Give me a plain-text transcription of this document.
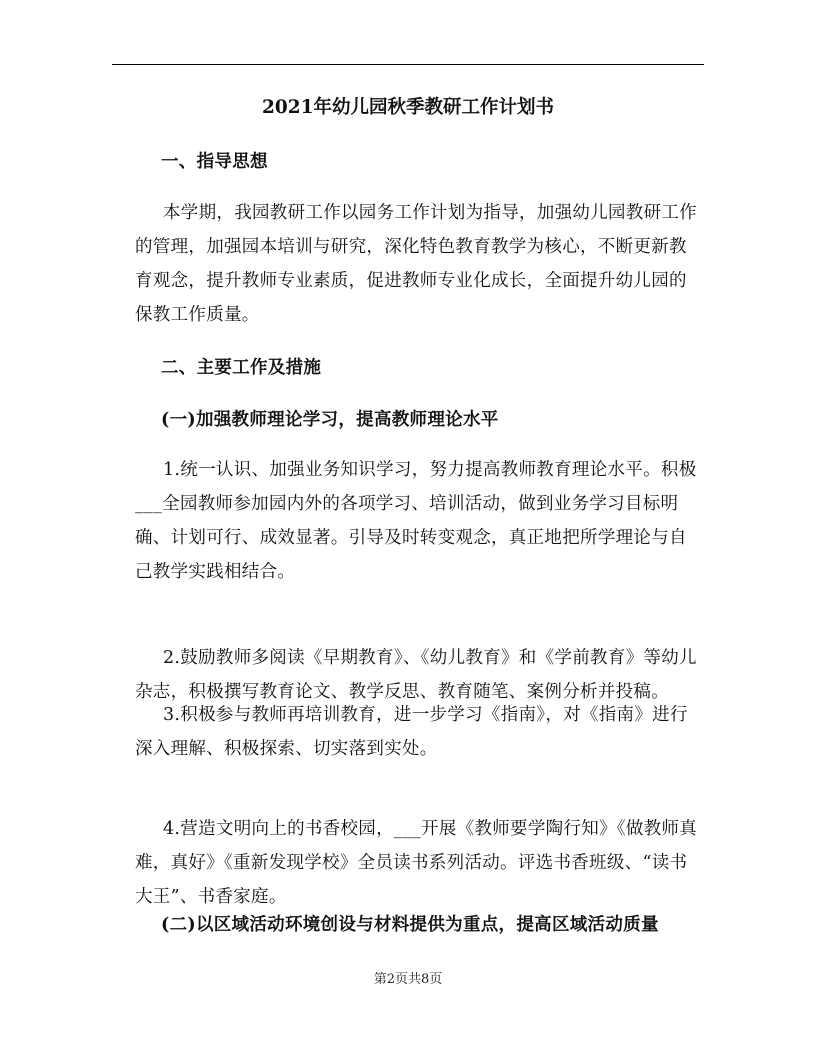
2021年幼儿园秋季教研工作计划书
一、指导思想

本学期，我园教研工作以园务工作计划为指导，加强幼儿园教研工作的管理，加强园本培训与研究，深化特色教育教学为核心，不断更新教育观念，提升教师专业素质，促进教师专业化成长，全面提升幼儿园的保教工作质量。

二、主要工作及措施
(一)加强教师理论学习，提高教师理论水平

1.统一认识、加强业务知识学习，努力提高教师教育理论水平。积极___全园教师参加园内外的各项学习、培训活动，做到业务学习目标明确、计划可行、成效显著。引导及时转变观念，真正地把所学理论与自己教学实践相结合。

2.鼓励教师多阅读《早期教育》、《幼儿教育》和《学前教育》等幼儿杂志，积极撰写教育论文、教学反思、教育随笔、案例分析并投稿。

3.积极参与教师再培训教育，进一步学习《指南》，对《指南》进行深入理解、积极探索、切实落到实处。

4.营造文明向上的书香校园，___开展《教师要学陶行知》《做教师真难，真好》《重新发现学校》全员读书系列活动。评选书香班级、“读书大王”、书香家庭。

(二)以区域活动环境创设与材料提供为重点，提高区域活动质量
第2页共8页
